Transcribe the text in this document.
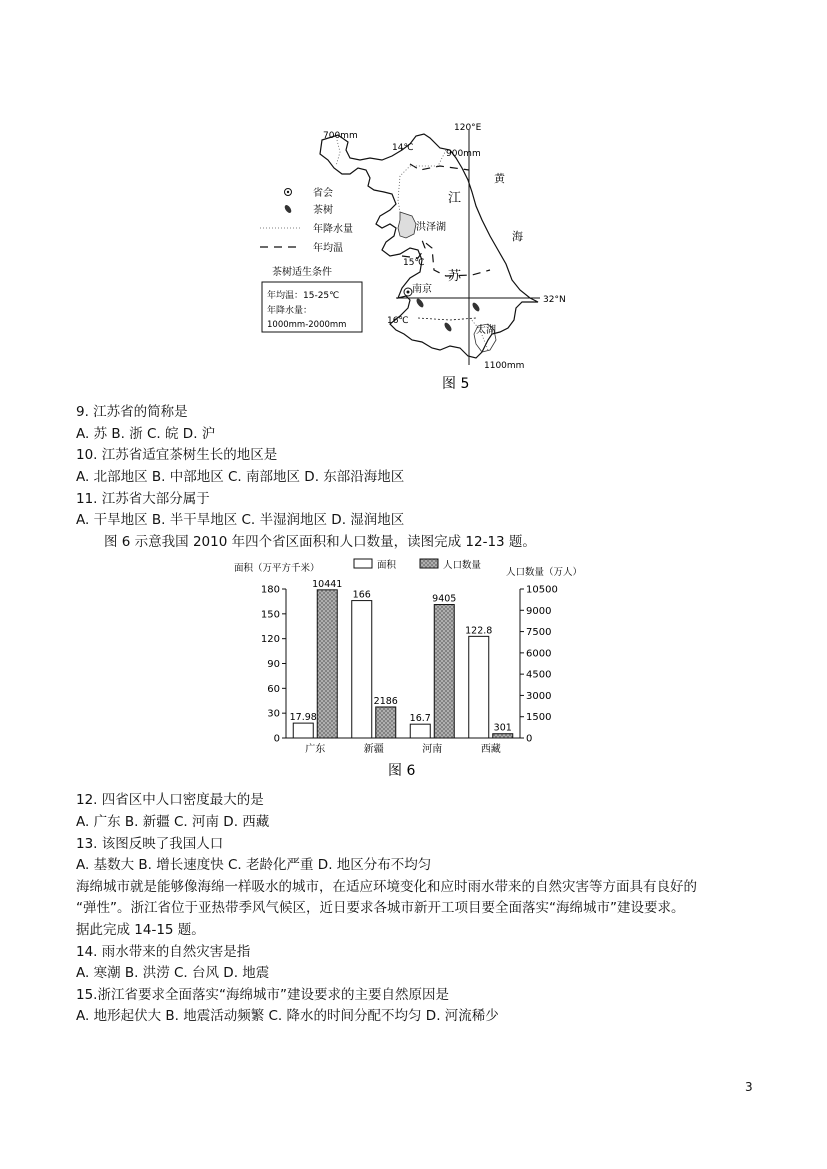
120°E
32°N
700mm
900mm
1100mm
14℃
15℃
16℃
江
苏
黄
海
洪泽湖
南京
太湖
省会
茶树
年降水量
年均温
茶树适生条件
年均温：15-25℃
年降水量：
1000mm-2000mm
图 5
9. 江苏省的简称是
A. 苏 B. 浙 C. 皖 D. 沪
10. 江苏省适宜茶树生长的地区是
A. 北部地区 B. 中部地区 C. 南部地区 D. 东部沿海地区
11. 江苏省大部分属于
A. 干旱地区 B. 半干旱地区 C. 半湿润地区 D. 湿润地区
图 6 示意我国 2010 年四个省区面积和人口数量，读图完成 12-13 题。
面积（万平方千米）	人口数量（万人）
面积	人口数量
0
30
60
90
120
150
180
0
1500
3000
4500
6000
7500
9000
10500
17.98
10441
广东
166
2186
新疆
16.7
9405
河南
122.8
301
西藏
图 6
12. 四省区中人口密度最大的是
A. 广东 B. 新疆 C. 河南 D. 西藏
13. 该图反映了我国人口
A. 基数大 B. 增长速度快 C. 老龄化严重 D. 地区分布不均匀
海绵城市就是能够像海绵一样吸水的城市，在适应环境变化和应时雨水带来的自然灾害等方面具有良好的
“弹性”。浙江省位于亚热带季风气候区，近日要求各城市新开工项目要全面落实“海绵城市”建设要求。
据此完成 14-15 题。
14. 雨水带来的自然灾害是指
A. 寒潮 B. 洪涝 C. 台风 D. 地震
15.浙江省要求全面落实“海绵城市”建设要求的主要自然原因是
A. 地形起伏大 B. 地震活动频繁 C. 降水的时间分配不均匀 D. 河流稀少
3
